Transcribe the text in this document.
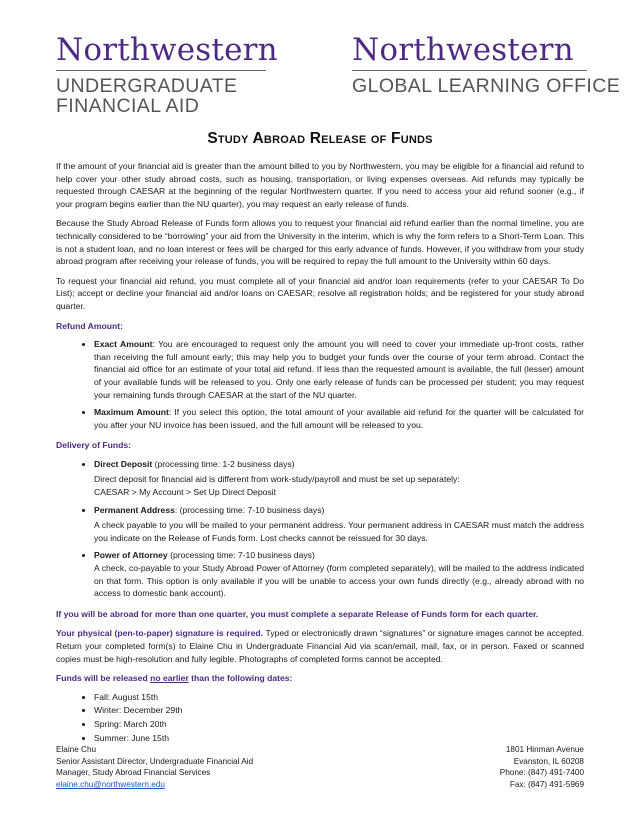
Northwestern
UNDERGRADUATE
FINANCIAL AID
Northwestern
GLOBAL LEARNING OFFICE
Study Abroad Release of Funds

If the amount of your financial aid is greater than the amount billed to you by Northwestern, you may be eligible for a financial aid refund to help cover your other study abroad costs, such as housing, transportation, or living expenses overseas. Aid refunds may typically be requested through CAESAR at the beginning of the regular Northwestern quarter. If you need to access your aid refund sooner (e.g., if your program begins earlier than the NU quarter), you may request an early release of funds.

Because the Study Abroad Release of Funds form allows you to request your financial aid refund earlier than the normal timeline, you are technically considered to be “borrowing” your aid from the University in the interim, which is why the form refers to a Short-Term Loan. This is not a student loan, and no loan interest or fees will be charged for this early advance of funds. However, if you withdraw from your study abroad program after receiving your release of funds, you will be required to repay the full amount to the University within 60 days.

To request your financial aid refund, you must complete all of your financial aid and/or loan requirements (refer to your CAESAR To Do List); accept or decline your financial aid and/or loans on CAESAR; resolve all registration holds; and be registered for your study abroad quarter.

Refund Amount:
• Exact Amount: You are encouraged to request only the amount you will need to cover your immediate up-front costs, rather than receiving the full amount early; this may help you to budget your funds over the course of your term abroad. Contact the financial aid office for an estimate of your total aid refund. If less than the requested amount is available, the full (lesser) amount of your available funds will be released to you. Only one early release of funds can be processed per student; you may request your remaining funds through CAESAR at the start of the NU quarter.
• Maximum Amount: If you select this option, the total amount of your available aid refund for the quarter will be calculated for you after your NU invoice has been issued, and the full amount will be released to you.
Delivery of Funds:
• Direct Deposit (processing time: 1-2 business days)
Direct deposit for financial aid is different from work-study/payroll and must be set up separately:
CAESAR > My Account > Set Up Direct Deposit
• Permanent Address: (processing time: 7-10 business days)
A check payable to you will be mailed to your permanent address. Your permanent address in CAESAR must match the address you indicate on the Release of Funds form. Lost checks cannot be reissued for 30 days.
• Power of Attorney (processing time: 7-10 business days)
A check, co-payable to your Study Abroad Power of Attorney (form completed separately), will be mailed to the address indicated on that form. This option is only available if you will be unable to access your own funds directly (e.g., already abroad with no access to domestic bank account).

If you will be abroad for more than one quarter, you must complete a separate Release of Funds form for each quarter.

Your physical (pen-to-paper) signature is required. Typed or electronically drawn “signatures” or signature images cannot be accepted. Return your completed form(s) to Elaine Chu in Undergraduate Financial Aid via scan/email, mail, fax, or in person. Faxed or scanned copies must be high-resolution and fully legible. Photographs of completed forms cannot be accepted.

Funds will be released no earlier than the following dates:
• Fall: August 15th
• Winter: December 29th
• Spring: March 20th
• Summer: June 15th
Elaine Chu
Senior Assistant Director, Undergraduate Financial Aid
Manager, Study Abroad Financial Services
elaine.chu@northwestern.edu
1801 Hinman Avenue
Evanston, IL 60208
Phone: (847) 491-7400
Fax: (847) 491-5969
